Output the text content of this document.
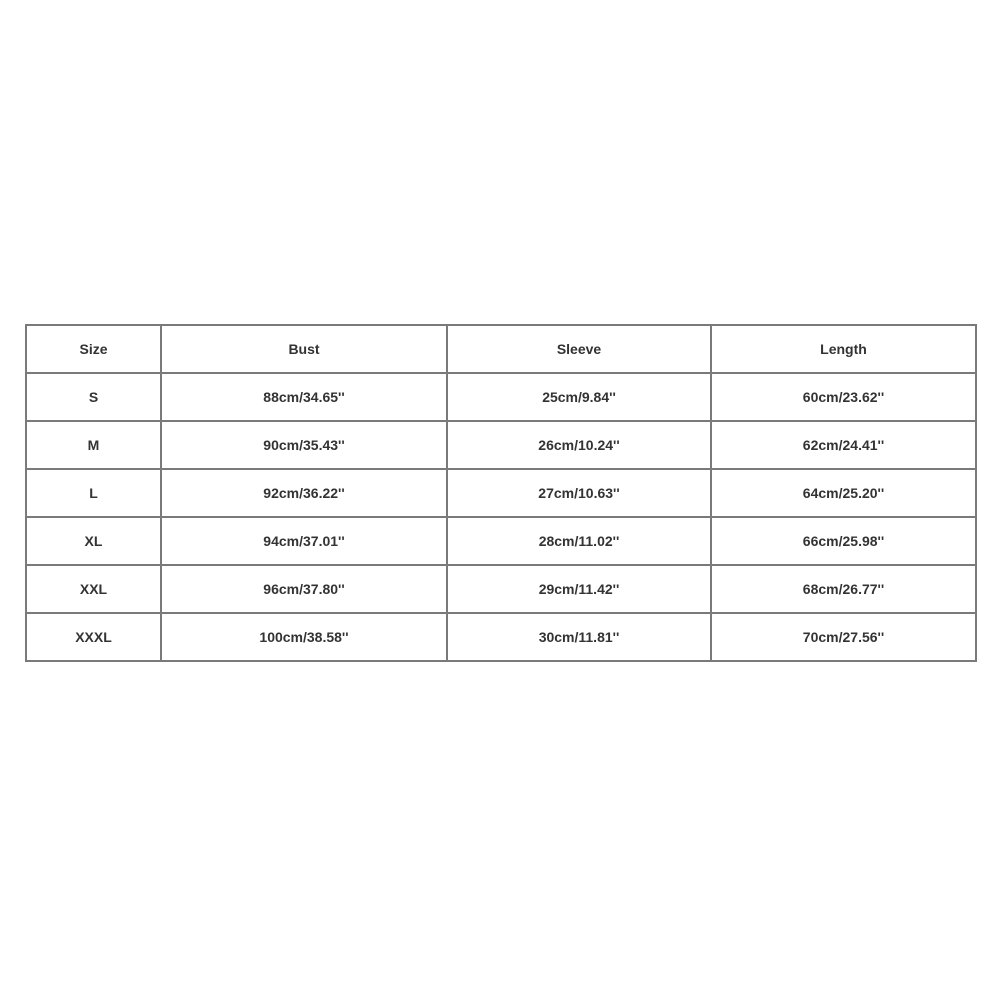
Size	Bust	Sleeve	Length
S	88cm/34.65''	25cm/9.84''	60cm/23.62''
M	90cm/35.43''	26cm/10.24''	62cm/24.41''
L	92cm/36.22''	27cm/10.63''	64cm/25.20''
XL	94cm/37.01''	28cm/11.02''	66cm/25.98''
XXL	96cm/37.80''	29cm/11.42''	68cm/26.77''
XXXL	100cm/38.58''	30cm/11.81''	70cm/27.56''
